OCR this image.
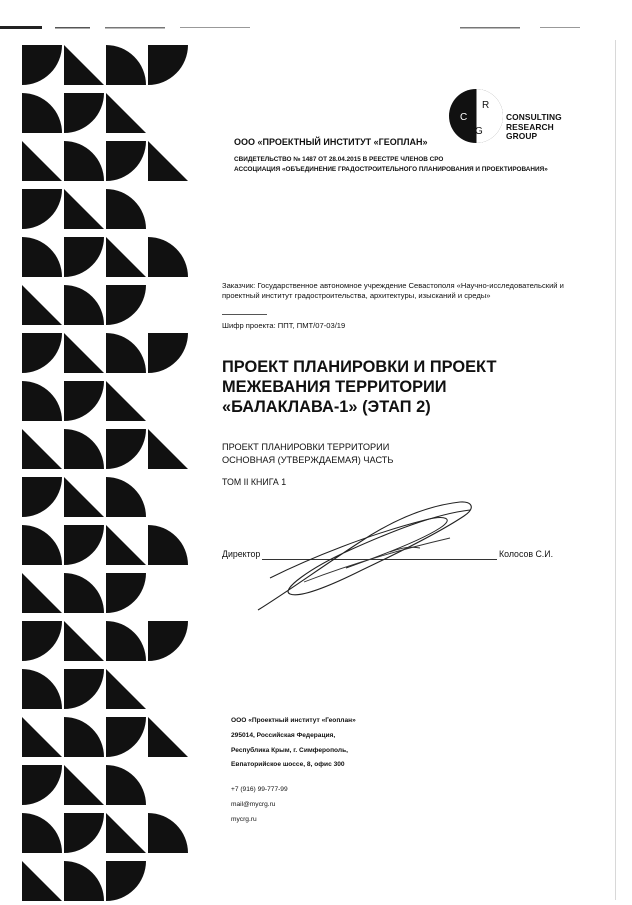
C
R
G
CONSULTING
RESEARCH
GROUP
ООО «ПРОЕКТНЫЙ ИНСТИТУТ «ГЕОПЛАН»
СВИДЕТЕЛЬСТВО № 1487 ОТ 28.04.2015 В РЕЕСТРЕ ЧЛЕНОВ СРО
АССОЦИАЦИЯ «ОБЪЕДИНЕНИЕ ГРАДОСТРОИТЕЛЬНОГО ПЛАНИРОВАНИЯ И ПРОЕКТИРОВАНИЯ»
Заказчик: Государственное автономное учреждение Севастополя «Научно-исследовательский и проектный институт градостроительства, архитектуры, изысканий и среды»
Шифр проекта: ППТ, ПМТ/07-03/19
ПРОЕКТ ПЛАНИРОВКИ И ПРОЕКТ
МЕЖЕВАНИЯ ТЕРРИТОРИИ
«БАЛАКЛАВА-1» (ЭТАП 2)
ПРОЕКТ ПЛАНИРОВКИ ТЕРРИТОРИИ
ОСНОВНАЯ (УТВЕРЖДАЕМАЯ) ЧАСТЬ
ТОМ II КНИГА 1
Директор	Колосов С.И.
ООО «Проектный институт «Геоплан»
295014, Российская Федерация,
Республика Крым, г. Симферополь,
Евпаторийское шоссе, 8, офис 300
+7 (916) 99-777-99
mail@mycrg.ru
mycrg.ru
